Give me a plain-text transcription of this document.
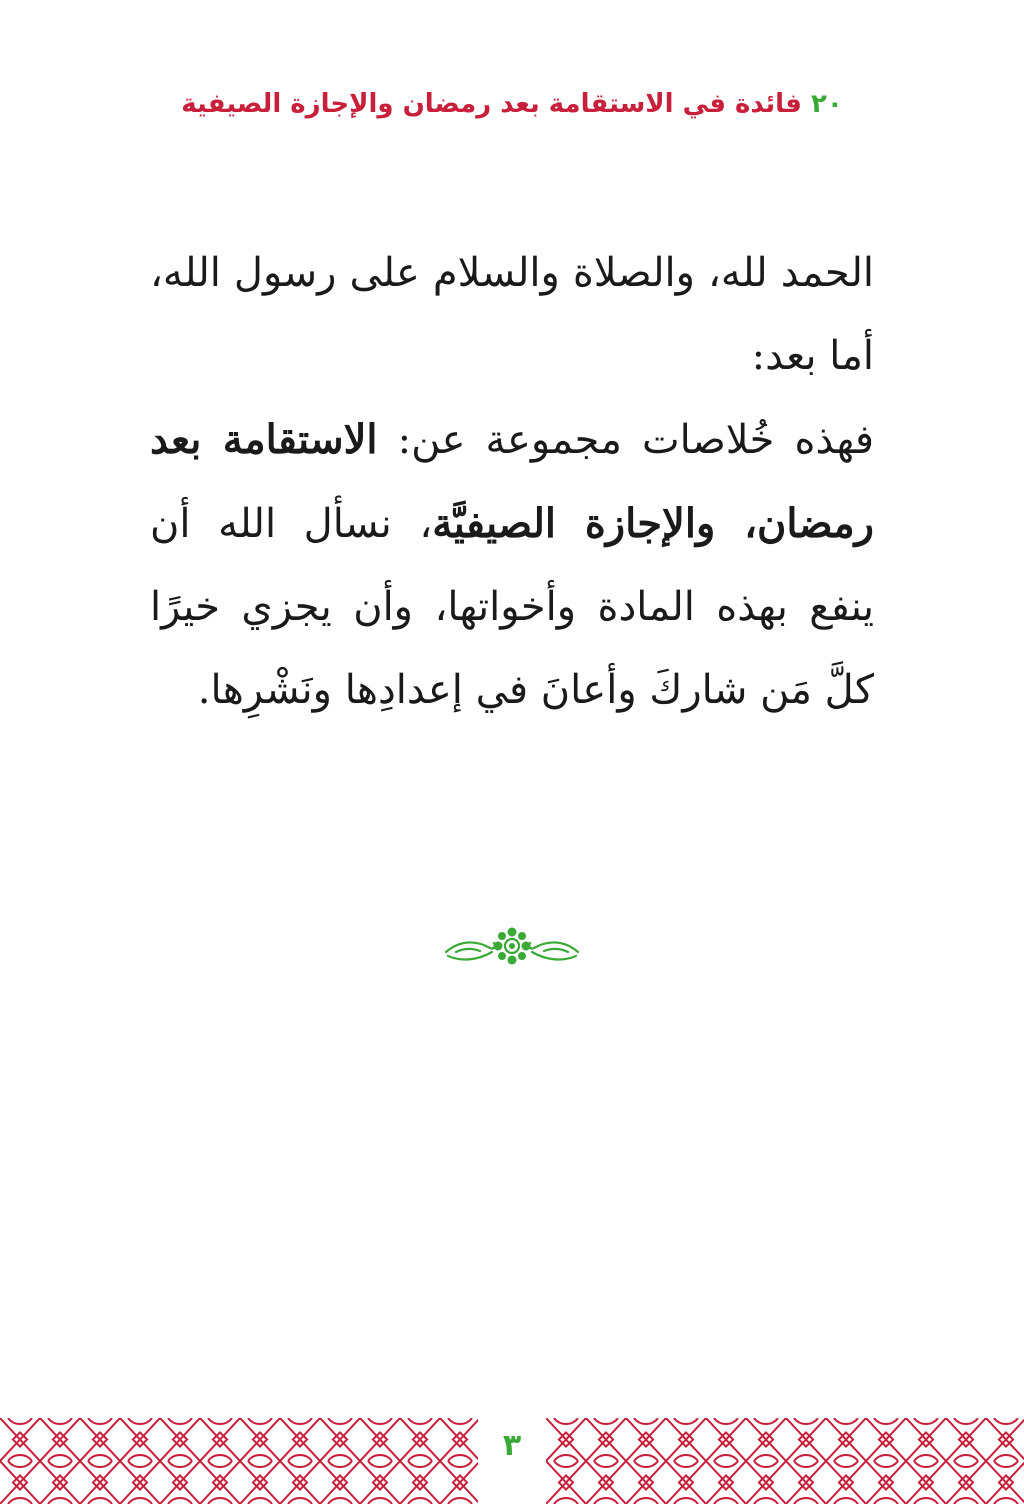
٢٠ فائدة في الاستقامة بعد رمضان والإجازة الصيفية

الحمد لله، والصلاة والسلام على رسول الله، أما بعد:

فهذه خُلاصات مجموعة عن: الاستقامة بعد رمضان، والإجازة الصيفيَّة، نسأل الله أن ينفع بهذه المادة وأخواتها، وأن يجزي خيرًا كلَّ مَن شاركَ وأعانَ في إعدادِها ونَشْرِها.

٣
